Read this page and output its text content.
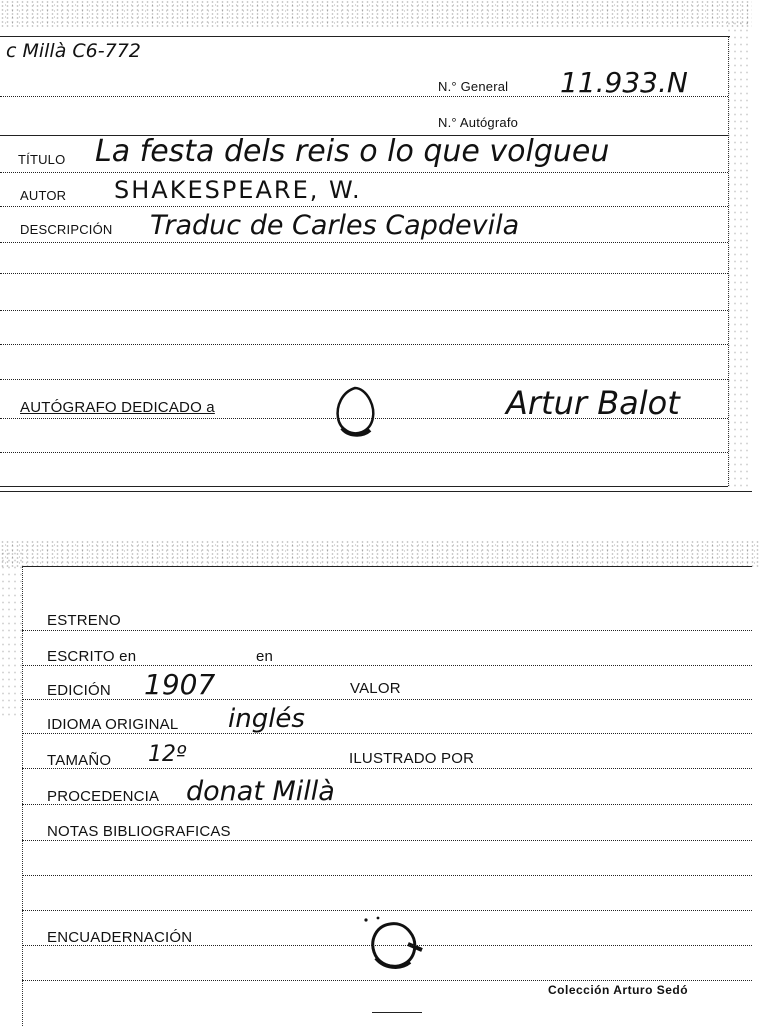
c Millà C6-772
N.° General 11.933.N
N.° Autógrafo
TÍTULO La festa dels reis o lo que volgueu
AUTOR SHAKESPEARE, W.
DESCRIPCIÓN Traduc de Carles Capdevila
AUTÓGRAFO DEDICADO a	Artur Balot
ESTRENO
ESCRITO en	en
EDICIÓN 1907	VALOR
IDIOMA ORIGINAL inglés
TAMAÑO 12º	ILUSTRADO POR
PROCEDENCIA donat Millà
NOTAS BIBLIOGRAFICAS
ENCUADERNACIÓN
Colección Arturo Sedó
